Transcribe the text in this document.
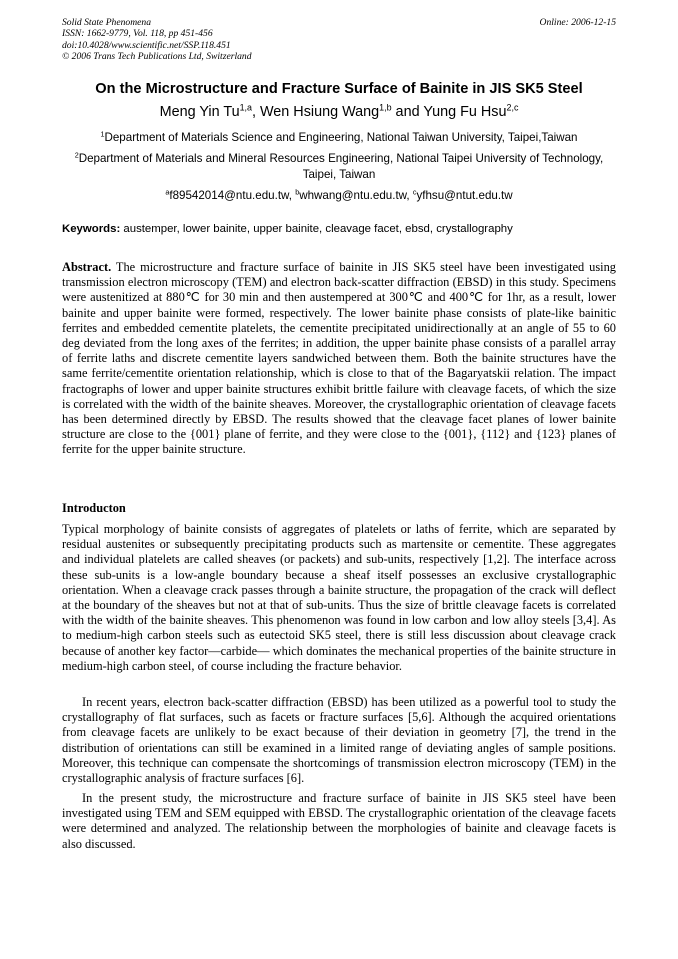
Solid State Phenomena
ISSN: 1662-9779, Vol. 118, pp 451-456
doi:10.4028/www.scientific.net/SSP.118.451
© 2006 Trans Tech Publications Ltd, Switzerland
Online: 2006-12-15
On the Microstructure and Fracture Surface of Bainite in JIS SK5 Steel
Meng Yin Tu$^{1,a}$, Wen Hsiung Wang$^{1,b}$ and Yung Fu Hsu$^{2,c}$
$^1$Department of Materials Science and Engineering, National Taiwan University, Taipei,Taiwan
$^2$Department of Materials and Mineral Resources Engineering, National Taipei University of Technology, Taipei, Taiwan
$^a$f89542014@ntu.edu.tw, $^b$whwang@ntu.edu.tw, $^c$yfhsu@ntut.edu.tw
Keywords: austemper, lower bainite, upper bainite, cleavage facet, ebsd, crystallography
Abstract. The microstructure and fracture surface of bainite in JIS SK5 steel have been investigated using transmission electron microscopy (TEM) and electron back-scatter diffraction (EBSD) in this study. Specimens were austenitized at 880℃ for 30 min and then austempered at 300℃ and 400℃ for 1hr, as a result, lower bainite and upper bainite were formed, respectively. The lower bainite phase consists of plate-like bainitic ferrites and embedded cementite platelets, the cementite precipitated unidirectionally at an angle of 55 to 60 deg deviated from the long axes of the ferrites; in addition, the upper bainite phase consists of a parallel array of ferrite laths and discrete cementite layers sandwiched between them. Both the bainite structures have the same ferrite/cementite orientation relationship, which is close to that of the Bagaryatskii relation. The impact fractographs of lower and upper bainite structures exhibit brittle failure with cleavage facets, of which the size is correlated with the width of the bainite sheaves. Moreover, the crystallographic orientation of cleavage facets has been determined directly by EBSD. The results showed that the cleavage facet planes of lower bainite structure are close to the {001} plane of ferrite, and they were close to the {001}, {112} and {123} planes of ferrite for the upper bainite structure.
Introducton
Typical morphology of bainite consists of aggregates of platelets or laths of ferrite, which are separated by residual austenites or subsequently precipitating products such as martensite or cementite. These aggregates and individual platelets are called sheaves (or packets) and sub-units, respectively [1,2]. The interface across these sub-units is a low-angle boundary because a sheaf itself possesses an exclusive crystallographic orientation. When a cleavage crack passes through a bainite structure, the propagation of the crack will deflect at the boundary of the sheaves but not at that of sub-units. Thus the size of brittle cleavage facets is correlated with the width of the bainite sheaves. This phenomenon was found in low carbon and low alloy steels [3,4]. As to medium-high carbon steels such as eutectoid SK5 steel, there is still less discussion about cleavage crack because of another key factor—carbide— which dominates the mechanical properties of the bainite structure in medium-high carbon steel, of course including the fracture behavior.
In recent years, electron back-scatter diffraction (EBSD) has been utilized as a powerful tool to study the crystallography of flat surfaces, such as facets or fracture surfaces [5,6]. Although the acquired orientations from cleavage facets are unlikely to be exact because of their deviation in geometry [7], the trend in the distribution of orientations can still be examined in a limited range of deviating angles of sample positions. Moreover, this technique can compensate the shortcomings of transmission electron microscopy (TEM) in the crystallographic analysis of fracture surfaces [6].
In the present study, the microstructure and fracture surface of bainite in JIS SK5 steel have been investigated using TEM and SEM equipped with EBSD. The crystallographic orientation of the cleavage facets were determined and analyzed. The relationship between the morphologies of bainite and cleavage facets is also discussed.
